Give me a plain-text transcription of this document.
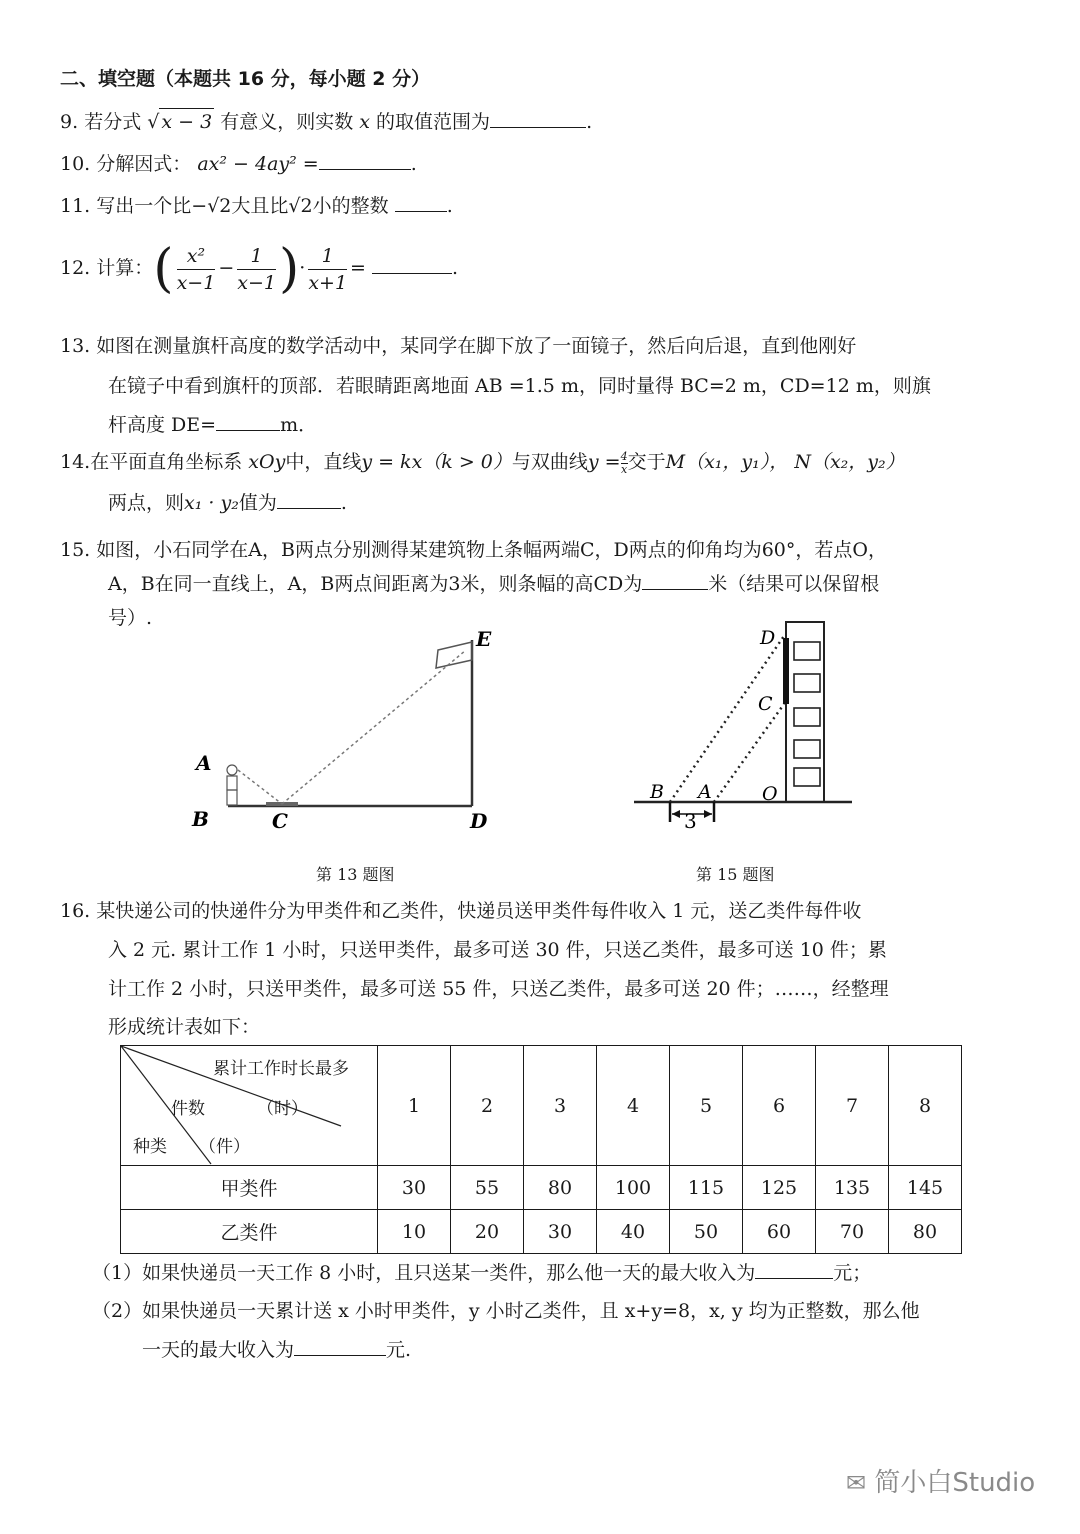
二、填空题（本题共 16 分，每小题 2 分）
9. 若分式 √ x − 3 有意义，则实数 x 的取值范围为	.
10. 分解因式： ax² − 4ay² =	.
11. 写出一个比−√2大且比√2小的整数	.
12. 计算：( $\frac{\text{x²}}{x-1} - \frac{1}{x-1}$ )· $\frac{1}{x+1}$ =	.
13. 如图在测量旗杆高度的数学活动中，某同学在脚下放了一面镜子，然后向后退，直到他刚好
在镜子中看到旗杆的顶部．若眼睛距离地面 AB =1.5 m，同时量得 BC=2 m，CD=12 m，则旗
杆高度 DE=	m．
14.在平面直角坐标系 xOy中，直线y = kx（k > 0）与双曲线$y = \frac{4}{x}$ 交于M（x₁，y₁）， N（x₂，y₂）
两点，则x₁ · y₂值为	.
15. 如图，小石同学在A，B两点分别测得某建筑物上条幅两端C，D两点的仰角均为60°，若点O，
A，B在同一直线上，A，B两点间距离为3米，则条幅的高CD为	米（结果可以保留根
号）.
A
B	C	D
E
第 13 题图
3
D
C
B A	O
第 15 题图
16. 某快递公司的快递件分为甲类件和乙类件，快递员送甲类件每件收入 1 元，送乙类件每件收
入 2 元. 累计工作 1 小时，只送甲类件，最多可送 30 件，只送乙类件，最多可送 10 件；累
计工作 2 小时，只送甲类件，最多可送 55 件，只送乙类件，最多可送 20 件；……，经整理
形成统计表如下：
累计工作时长最多
件数 （时）
种类 （件）	1	2	3	4	5	6	7	8
甲类件	30	55	80	100	115	125	135	145
乙类件	10	20	30	40	50	60	70	80
（1）如果快递员一天工作 8 小时，且只送某一类件，那么他一天的最大收入为	元；
（2）如果快递员一天累计送 x 小时甲类件，y 小时乙类件，且 x+y=8，x, y 均为正整数，那么他
一天的最大收入为	元.
✉ 简小白Studio
